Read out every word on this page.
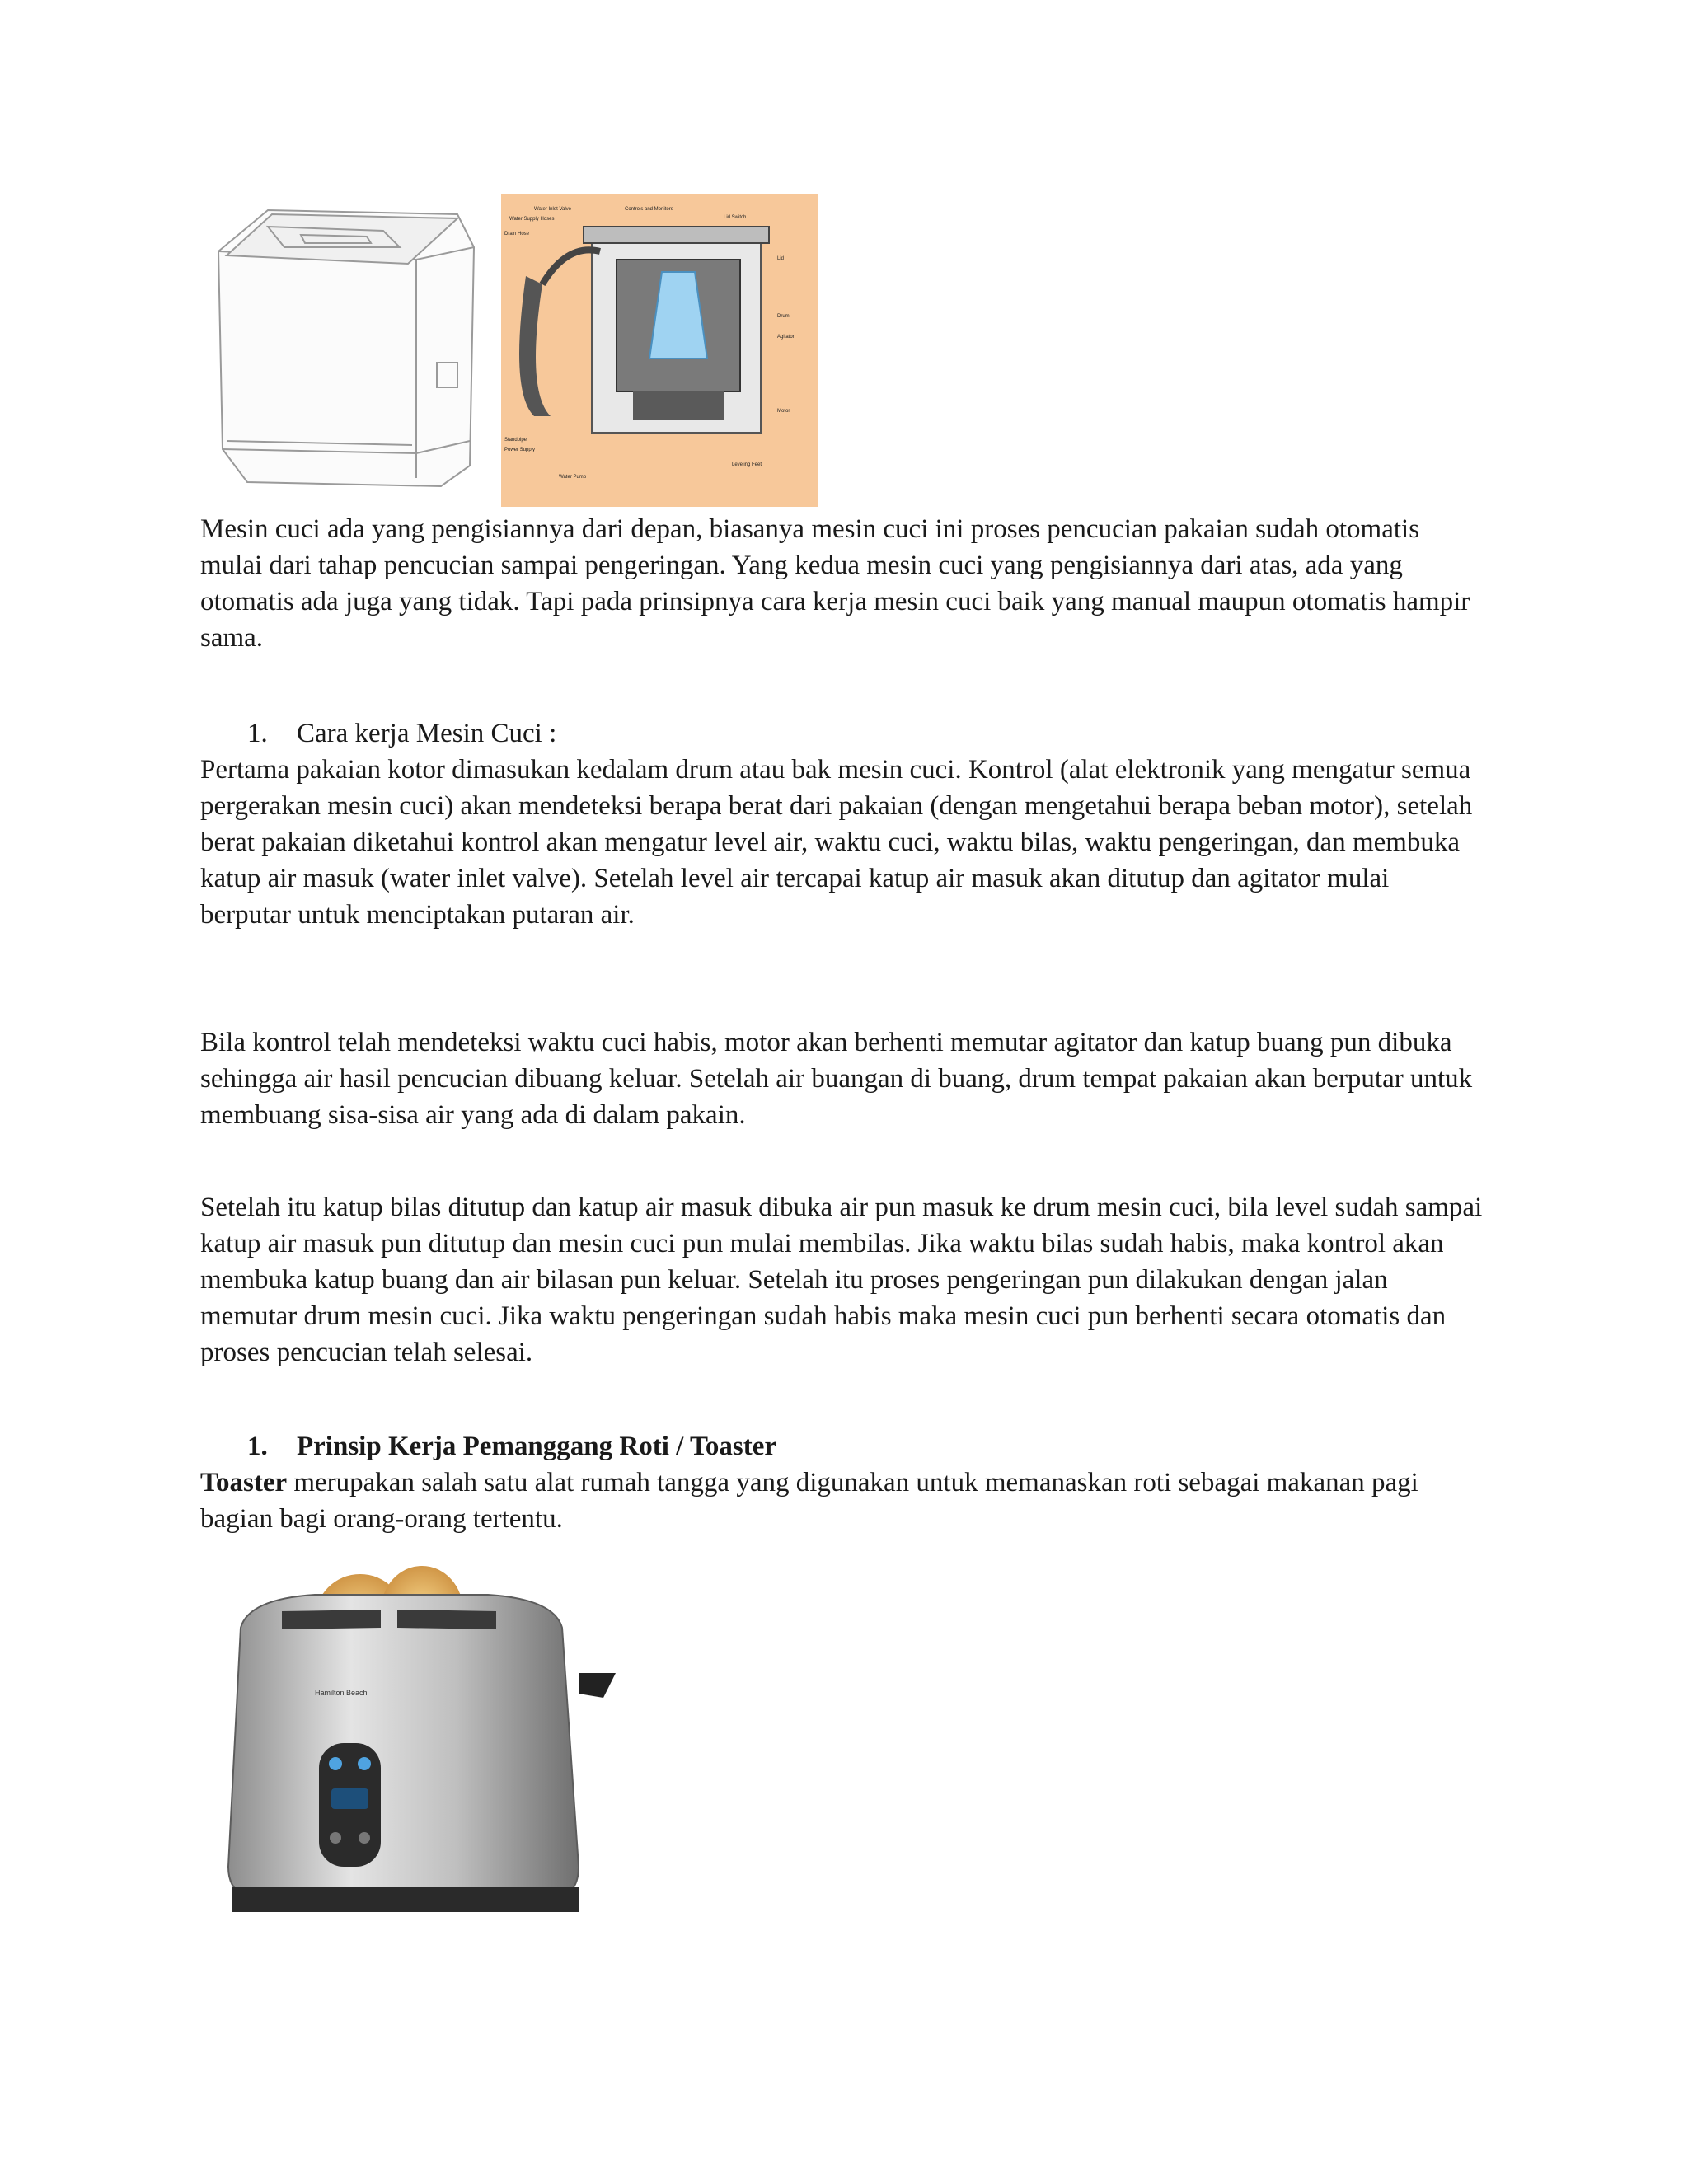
Water Inlet Valve	Controls and Monitors
Water Supply Hoses	Lid Switch
Drain Hose
Lid
Drum
Agitator
Motor
Standpipe
Power Supply
Water Pump
Leveling Feet

Mesin cuci ada yang pengisiannya dari depan, biasanya mesin cuci ini proses pencucian pakaian sudah otomatis mulai dari tahap pencucian sampai pengeringan. Yang kedua mesin cuci yang pengisiannya dari atas, ada yang otomatis ada juga yang tidak. Tapi pada prinsipnya cara kerja mesin cuci baik yang manual maupun otomatis hampir sama.

1. Cara kerja Mesin Cuci :

Pertama pakaian kotor dimasukan kedalam drum atau bak mesin cuci. Kontrol (alat elektronik yang mengatur semua pergerakan mesin cuci) akan mendeteksi berapa berat dari pakaian (dengan mengetahui berapa beban motor), setelah berat pakaian diketahui kontrol akan mengatur level air, waktu cuci, waktu bilas, waktu pengeringan, dan membuka katup air masuk (water inlet valve). Setelah level air tercapai katup air masuk akan ditutup dan agitator mulai berputar untuk menciptakan putaran air.

Bila kontrol telah mendeteksi waktu cuci habis, motor akan berhenti memutar agitator dan katup buang pun dibuka sehingga air hasil pencucian dibuang keluar. Setelah air buangan di buang, drum tempat pakaian akan berputar untuk membuang sisa-sisa air yang ada di dalam pakain.

Setelah itu katup bilas ditutup dan katup air masuk dibuka air pun masuk ke drum mesin cuci, bila level sudah sampai katup air masuk pun ditutup dan mesin cuci pun mulai membilas. Jika waktu bilas sudah habis, maka kontrol akan membuka katup buang dan air bilasan pun keluar. Setelah itu proses pengeringan pun dilakukan dengan jalan memutar drum mesin cuci. Jika waktu pengeringan sudah habis maka mesin cuci pun berhenti secara otomatis dan proses pencucian telah selesai.

1. Prinsip Kerja Pemanggang Roti / Toaster

Toaster merupakan salah satu alat rumah tangga yang digunakan untuk memanaskan roti sebagai makanan pagi bagian bagi orang-orang tertentu.

Hamilton Beach
